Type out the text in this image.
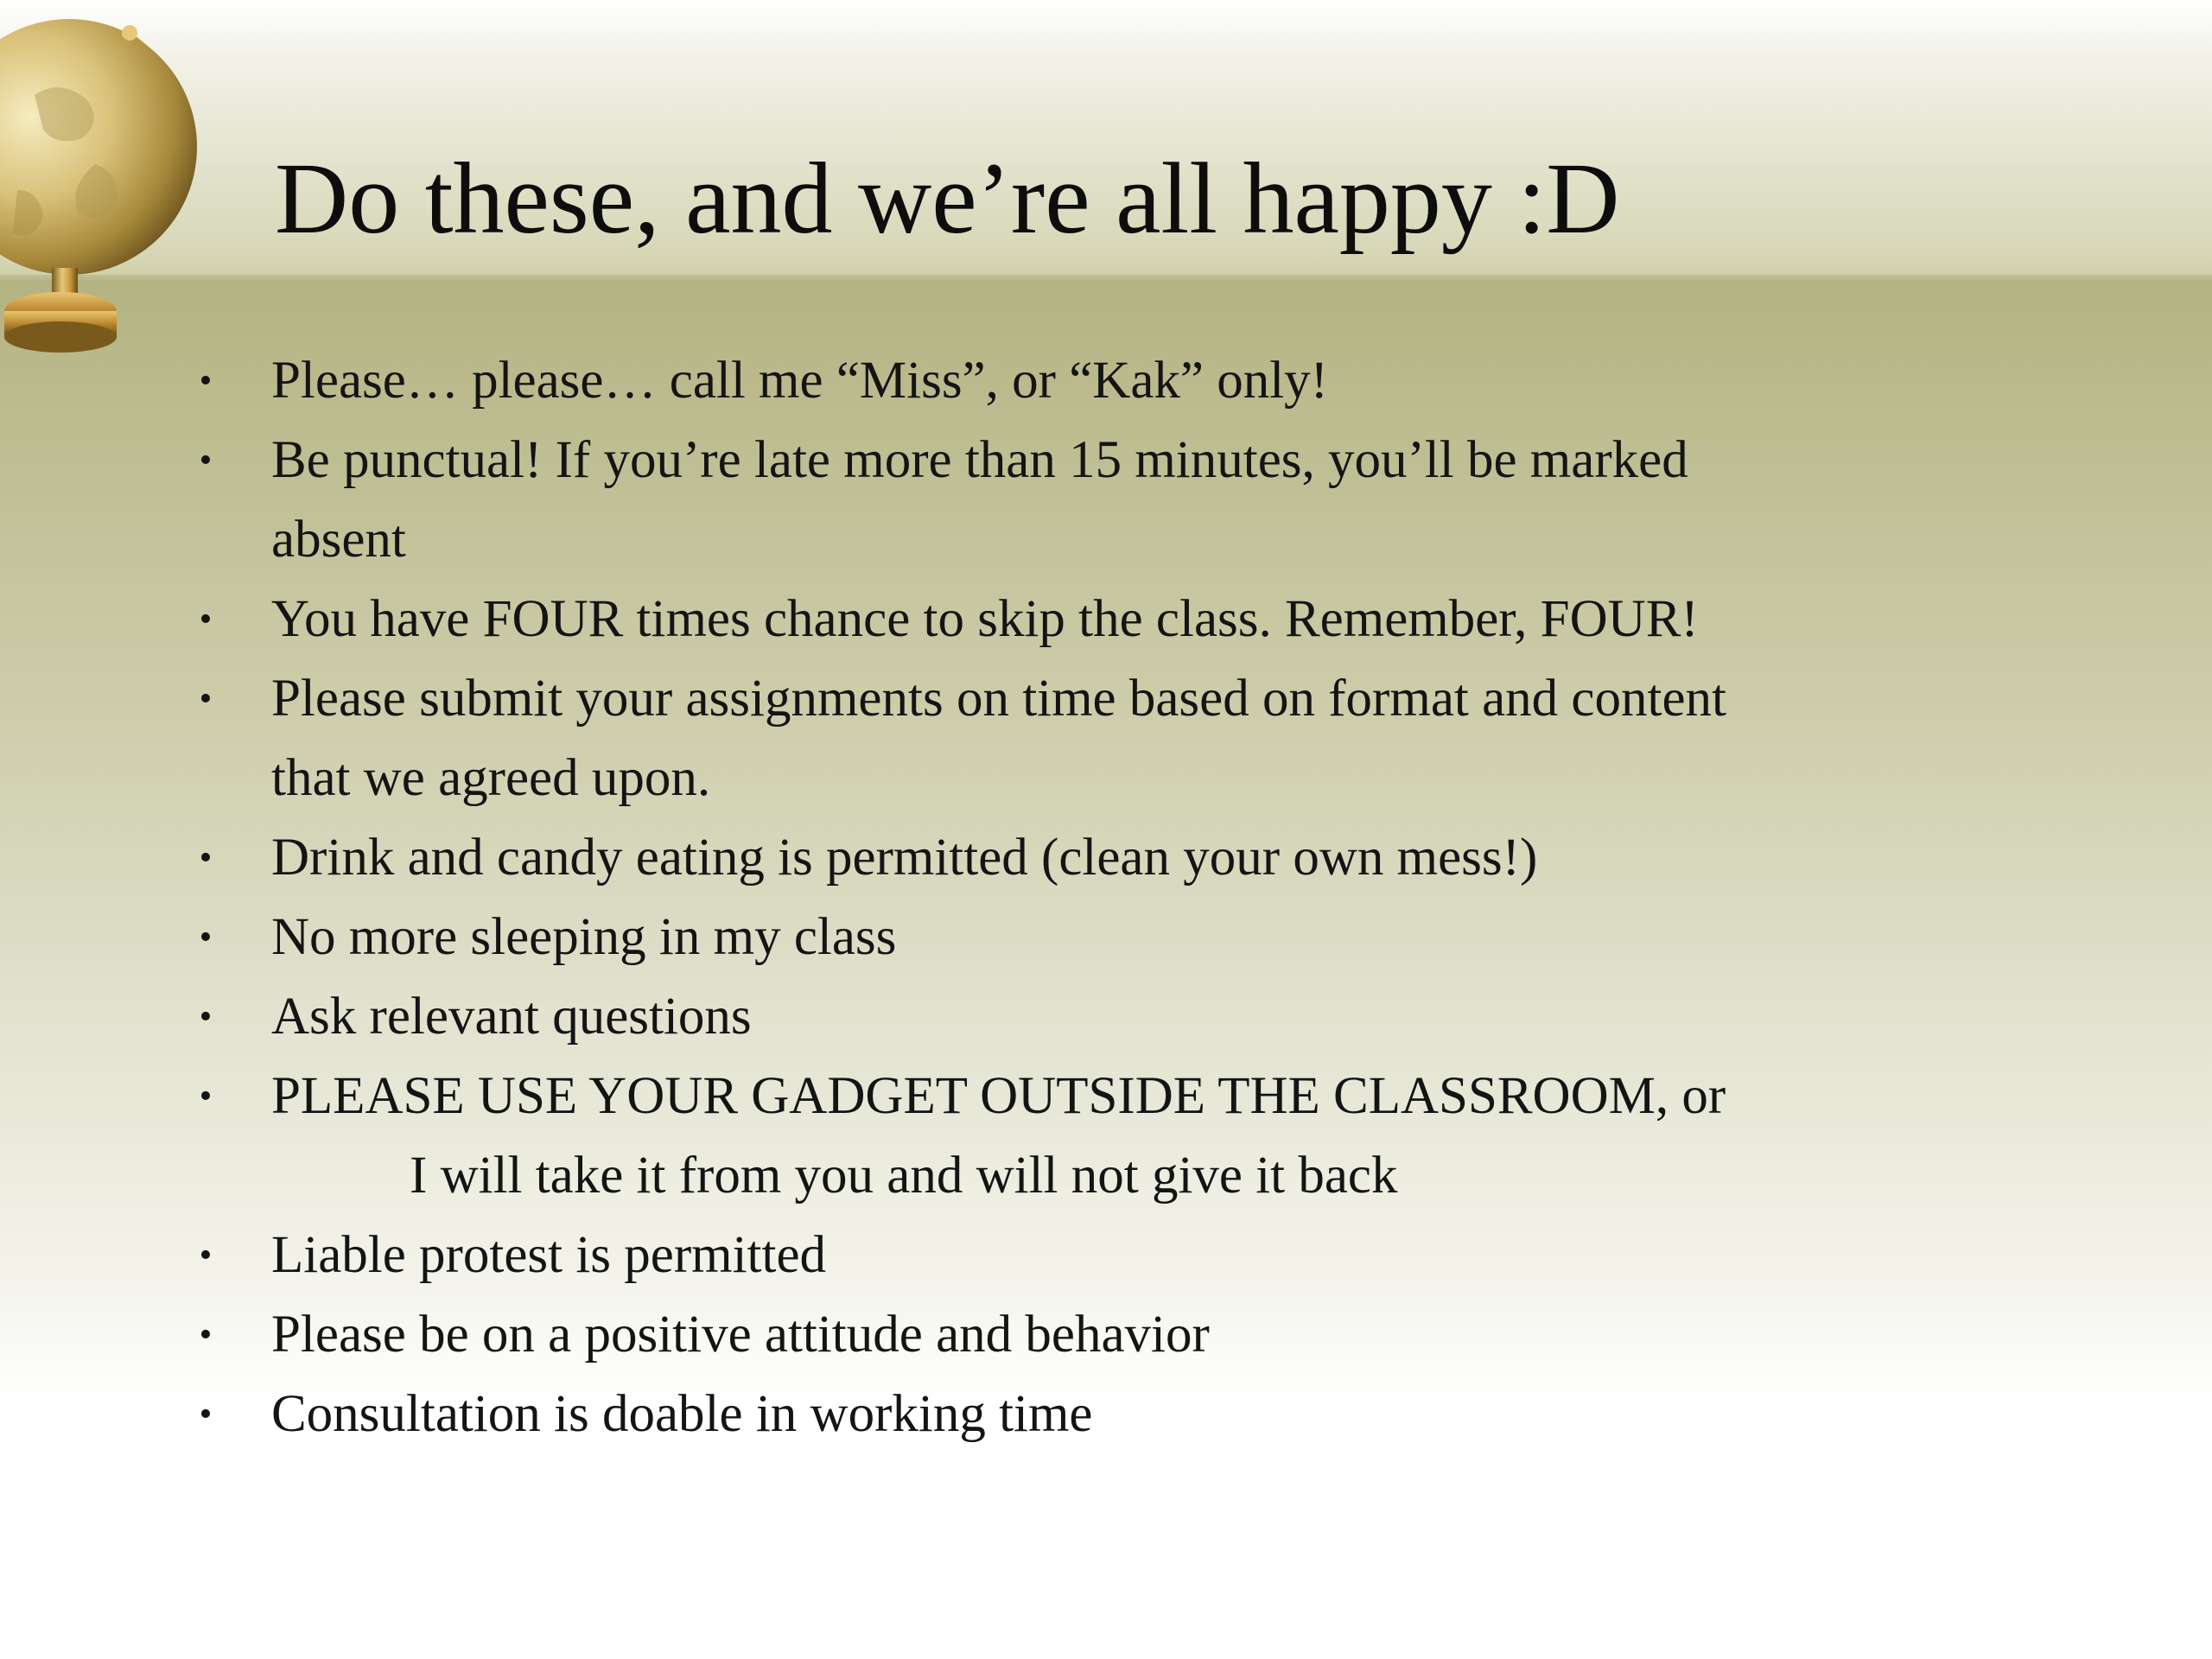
Do these, and we’re all happy :D
• Please… please… call me “Miss”, or “Kak” only!
• Be punctual! If you’re late more than 15 minutes, you’ll be marked
absent
• You have FOUR times chance to skip the class. Remember, FOUR!
• Please submit your assignments on time based on format and content
that we agreed upon.
• Drink and candy eating is permitted (clean your own mess!)
• No more sleeping in my class
• Ask relevant questions
• PLEASE USE YOUR GADGET OUTSIDE THE CLASSROOM, or
I will take it from you and will not give it back
• Liable protest is permitted
• Please be on a positive attitude and behavior
• Consultation is doable in working time
